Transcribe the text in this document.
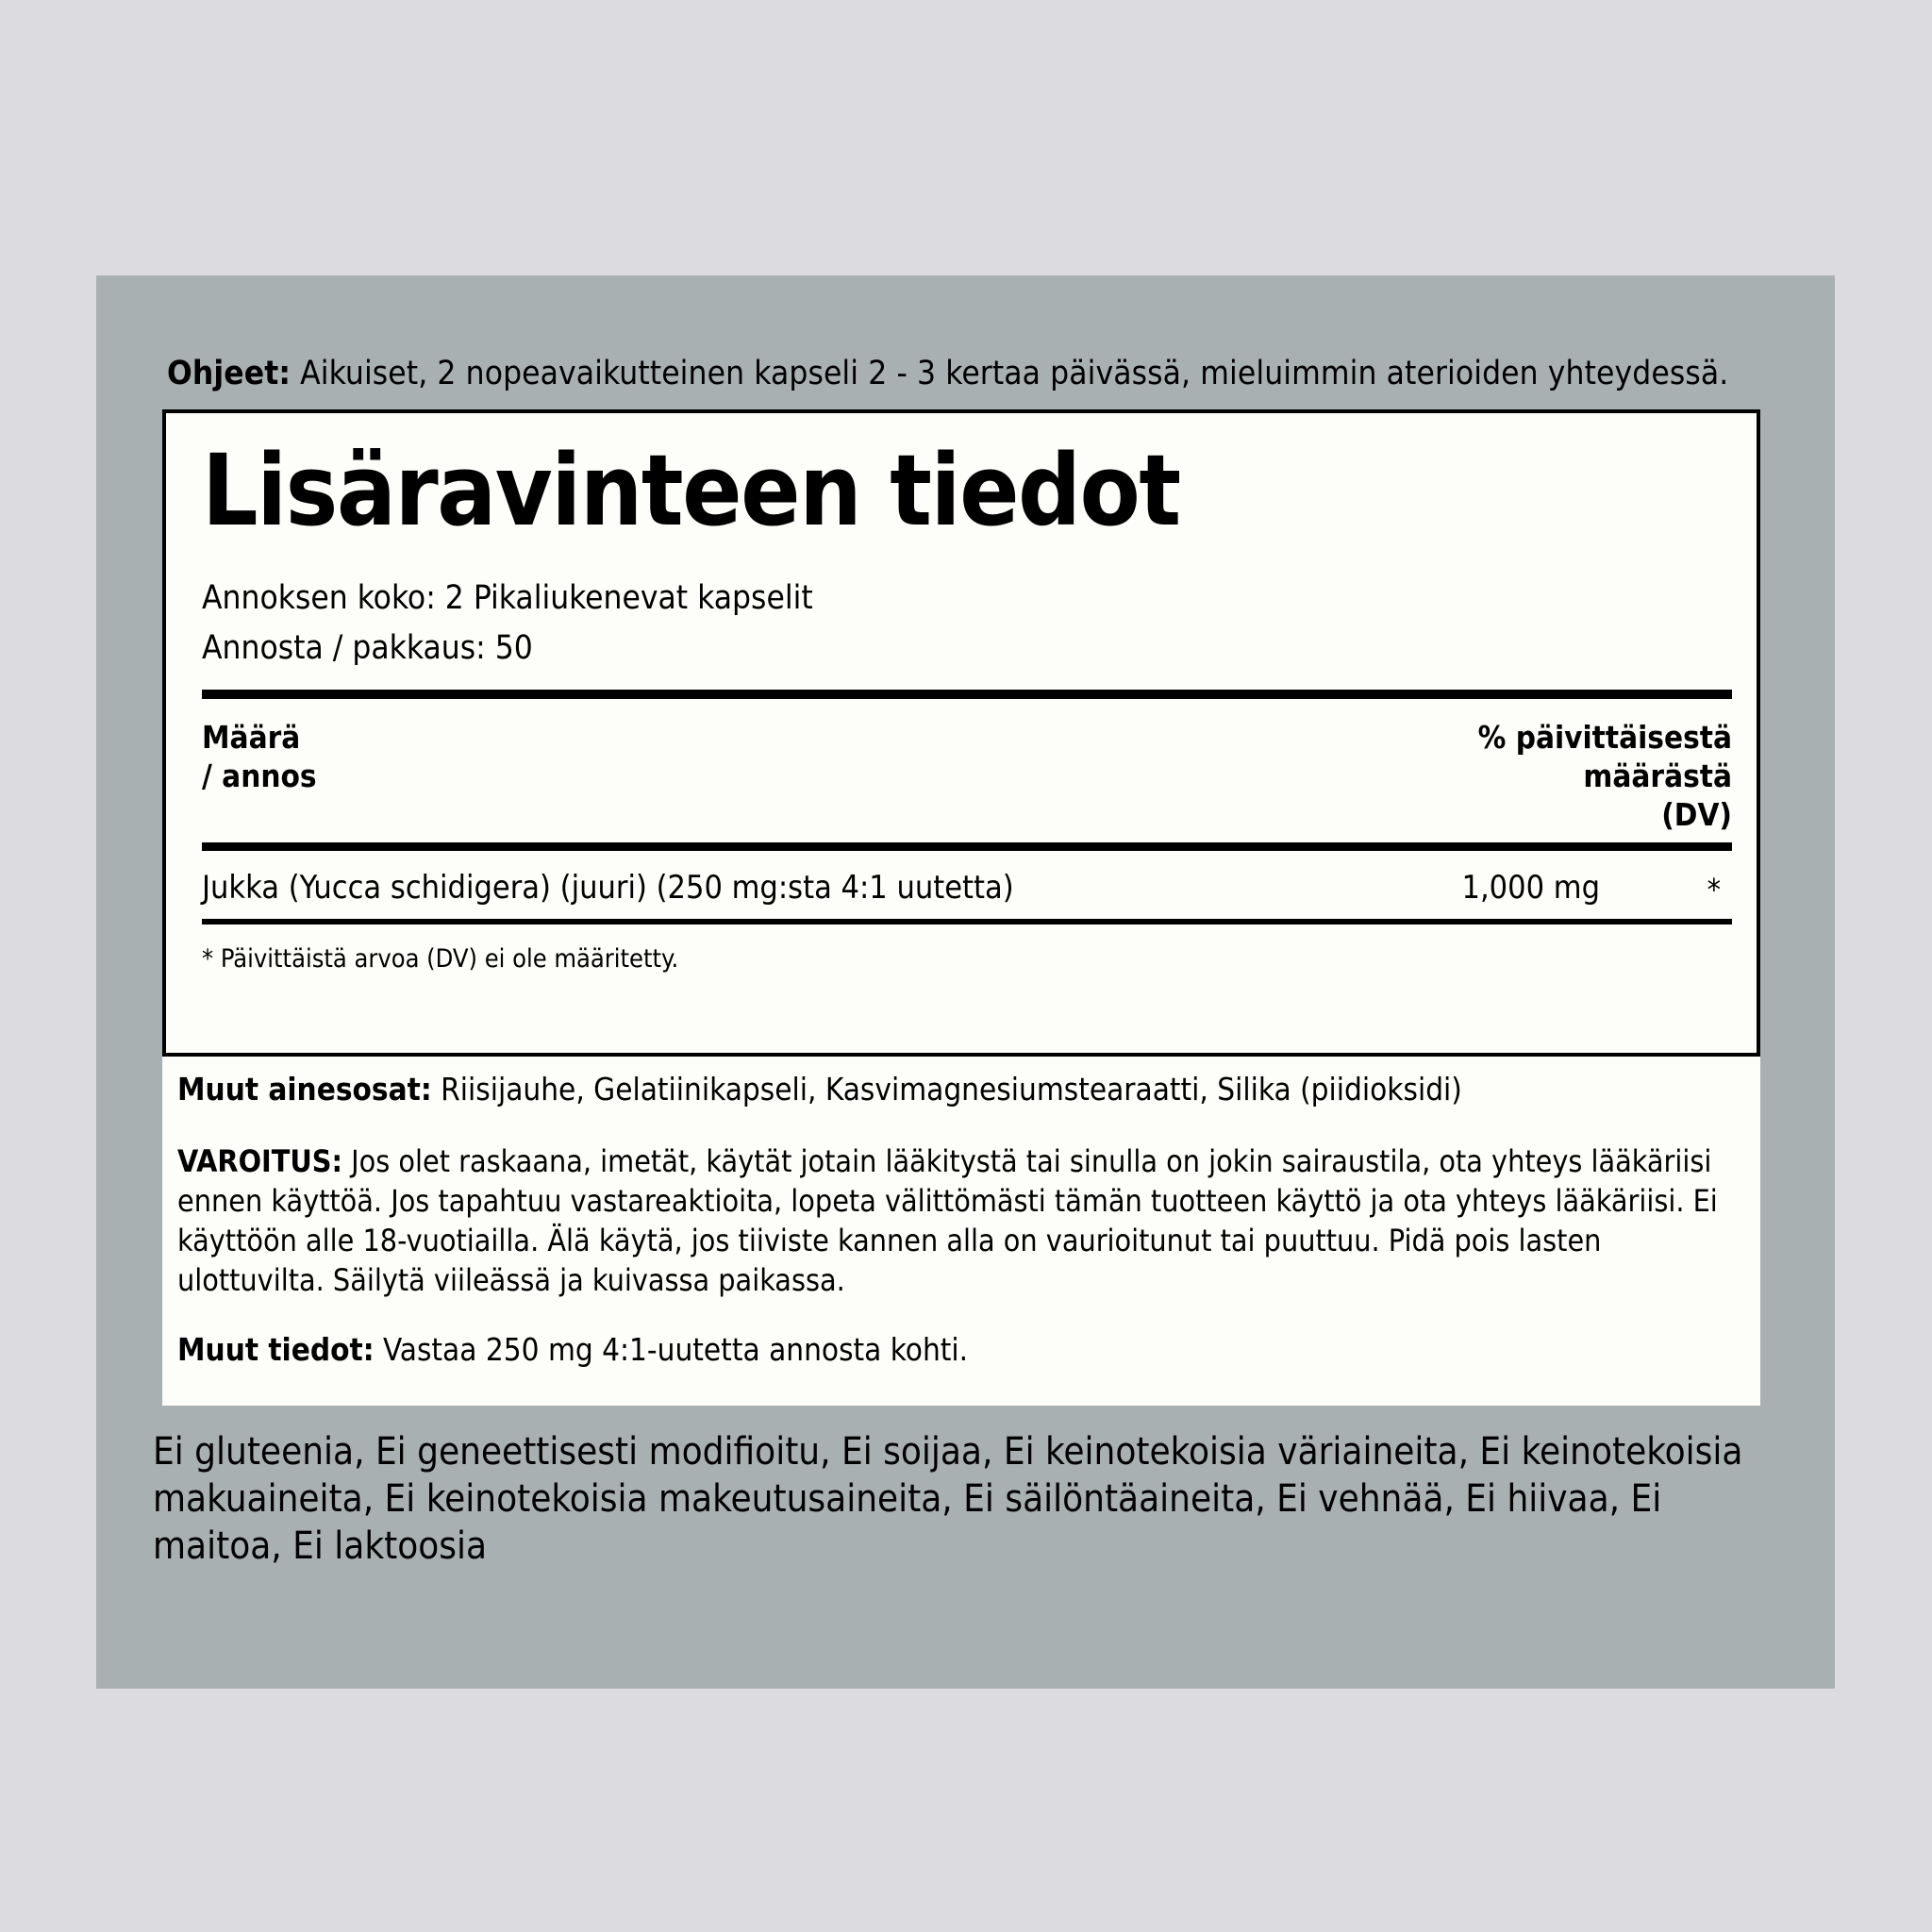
Ohjeet: Aikuiset, 2 nopeavaikutteinen kapseli 2 - 3 kertaa päivässä, mieluimmin aterioiden yhteydessä.
Lisäravinteen tiedot
Annoksen koko: 2 Pikaliukenevat kapselit
Annosta / pakkaus: 50
Määrä
/ annos
% päivittäisestä
määrästä
(DV)
Jukka (Yucca schidigera) (juuri) (250 mg:sta 4:1 uutetta)	1,000 mg	*
* Päivittäistä arvoa (DV) ei ole määritetty.
Muut ainesosat: Riisijauhe, Gelatiinikapseli, Kasvimagnesiumstearaatti, Silika (piidioksidi)
VAROITUS: Jos olet raskaana, imetät, käytät jotain lääkitystä tai sinulla on jokin sairaustila, ota yhteys lääkäriisi ennen käyttöä. Jos tapahtuu vastareaktioita, lopeta välittömästi tämän tuotteen käyttö ja ota yhteys lääkäriisi. Ei käyttöön alle 18-vuotiailla. Älä käytä, jos tiiviste kannen alla on vaurioitunut tai puuttuu. Pidä pois lasten ulottuvilta. Säilytä viileässä ja kuivassa paikassa.
Muut tiedot: Vastaa 250 mg 4:1-uutetta annosta kohti.
Ei gluteenia, Ei geneettisesti modifioitu, Ei soijaa, Ei keinotekoisia väriaineita, Ei keinotekoisia makuaineita, Ei keinotekoisia makeutusaineita, Ei säilöntäaineita, Ei vehnää, Ei hiivaa, Ei maitoa, Ei laktoosia
